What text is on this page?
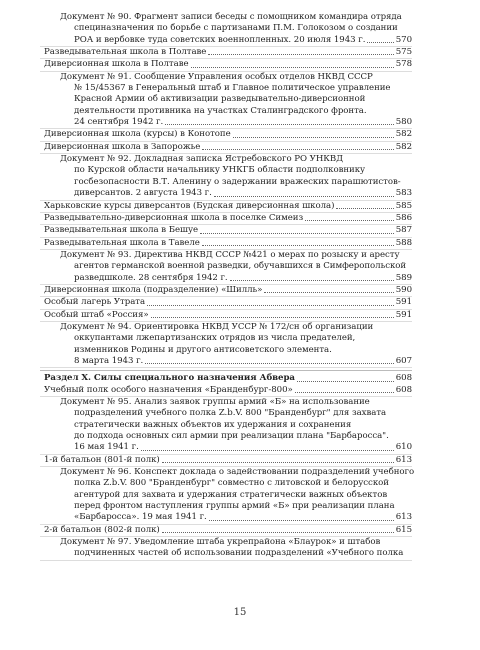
Документ № 90. Фрагмент записи беседы с помощником командира отряда
специназначения по борьбе с партизанами П.М. Голокозом о создании
РОА и вербовке туда советских военнопленных. 20 июля 1943 г.	570
Разведывательная школа в Полтаве	575
Диверсионная школа в Полтаве	578
Документ № 91. Сообщение Управления особых отделов НКВД СССР
№ 15/45367 в Генеральный штаб и Главное политическое управление
Красной Армии об активизации разведывательно-диверсионной
деятельности противника на участках Сталинградского фронта.
24 сентября 1942 г.	580
Диверсионная школа (курсы) в Конотопе	582
Диверсионная школа в Запорожье	582
Документ № 92. Докладная записка Ястребовского РО УНКВД
по Курской области начальнику УНКГБ области подполковнику
госбезопасности В.Т. Аленину о задержании вражеских парашютистов-
диверсантов. 2 августа 1943 г.	583
Харьковские курсы диверсантов (Будская диверсионная школа)	585
Разведывательно-диверсионная школа в поселке Симеиз	586
Разведывательная школа в Бешуе	587
Разведывательная школа в Тавеле	588
Документ № 93. Директива НКВД СССР №421 о мерах по розыску и аресту
агентов германской военной разведки, обучавшихся в Симферопольской
разведшколе. 28 сентября 1942 г.	589
Диверсионная школа (подразделение) «Шилль»	590
Особый лагерь Утрата	591
Особый штаб «Россия»	591
Документ № 94. Ориентировка НКВД УССР № 172/сн об организации
оккупантами лжепартизанских отрядов из числа предателей,
изменников Родины и другого антисоветского элемента.
8 марта 1943 г.	607
Раздел X. Силы специального назначения Абвера	608
Учебный полк особого назначения «Бранденбург-800»	608
Документ № 95. Анализ заявок группы армий «Б» на использование
подразделений учебного полка Z.b.V. 800 "Бранденбург" для захвата
стратегически важных объектов их удержания и сохранения
до подхода основных сил армии при реализации плана "Барбаросса".
16 мая 1941 г.	610
1-й батальон (801-й полк)	613
Документ № 96. Конспект доклада о задействовании подразделений учебного
полка Z.b.V. 800 "Бранденбург" совместно с литовской и белорусской
агентурой для захвата и удержания стратегически важных объектов
перед фронтом наступления группы армий «Б» при реализации плана
«Барбаросса». 19 мая 1941 г.	613
2-й батальон (802-й полк)	615
Документ № 97. Уведомление штаба укрепрайона «Блаурок» и штабов
подчиненных частей об использовании подразделений «Учебного полка
15
